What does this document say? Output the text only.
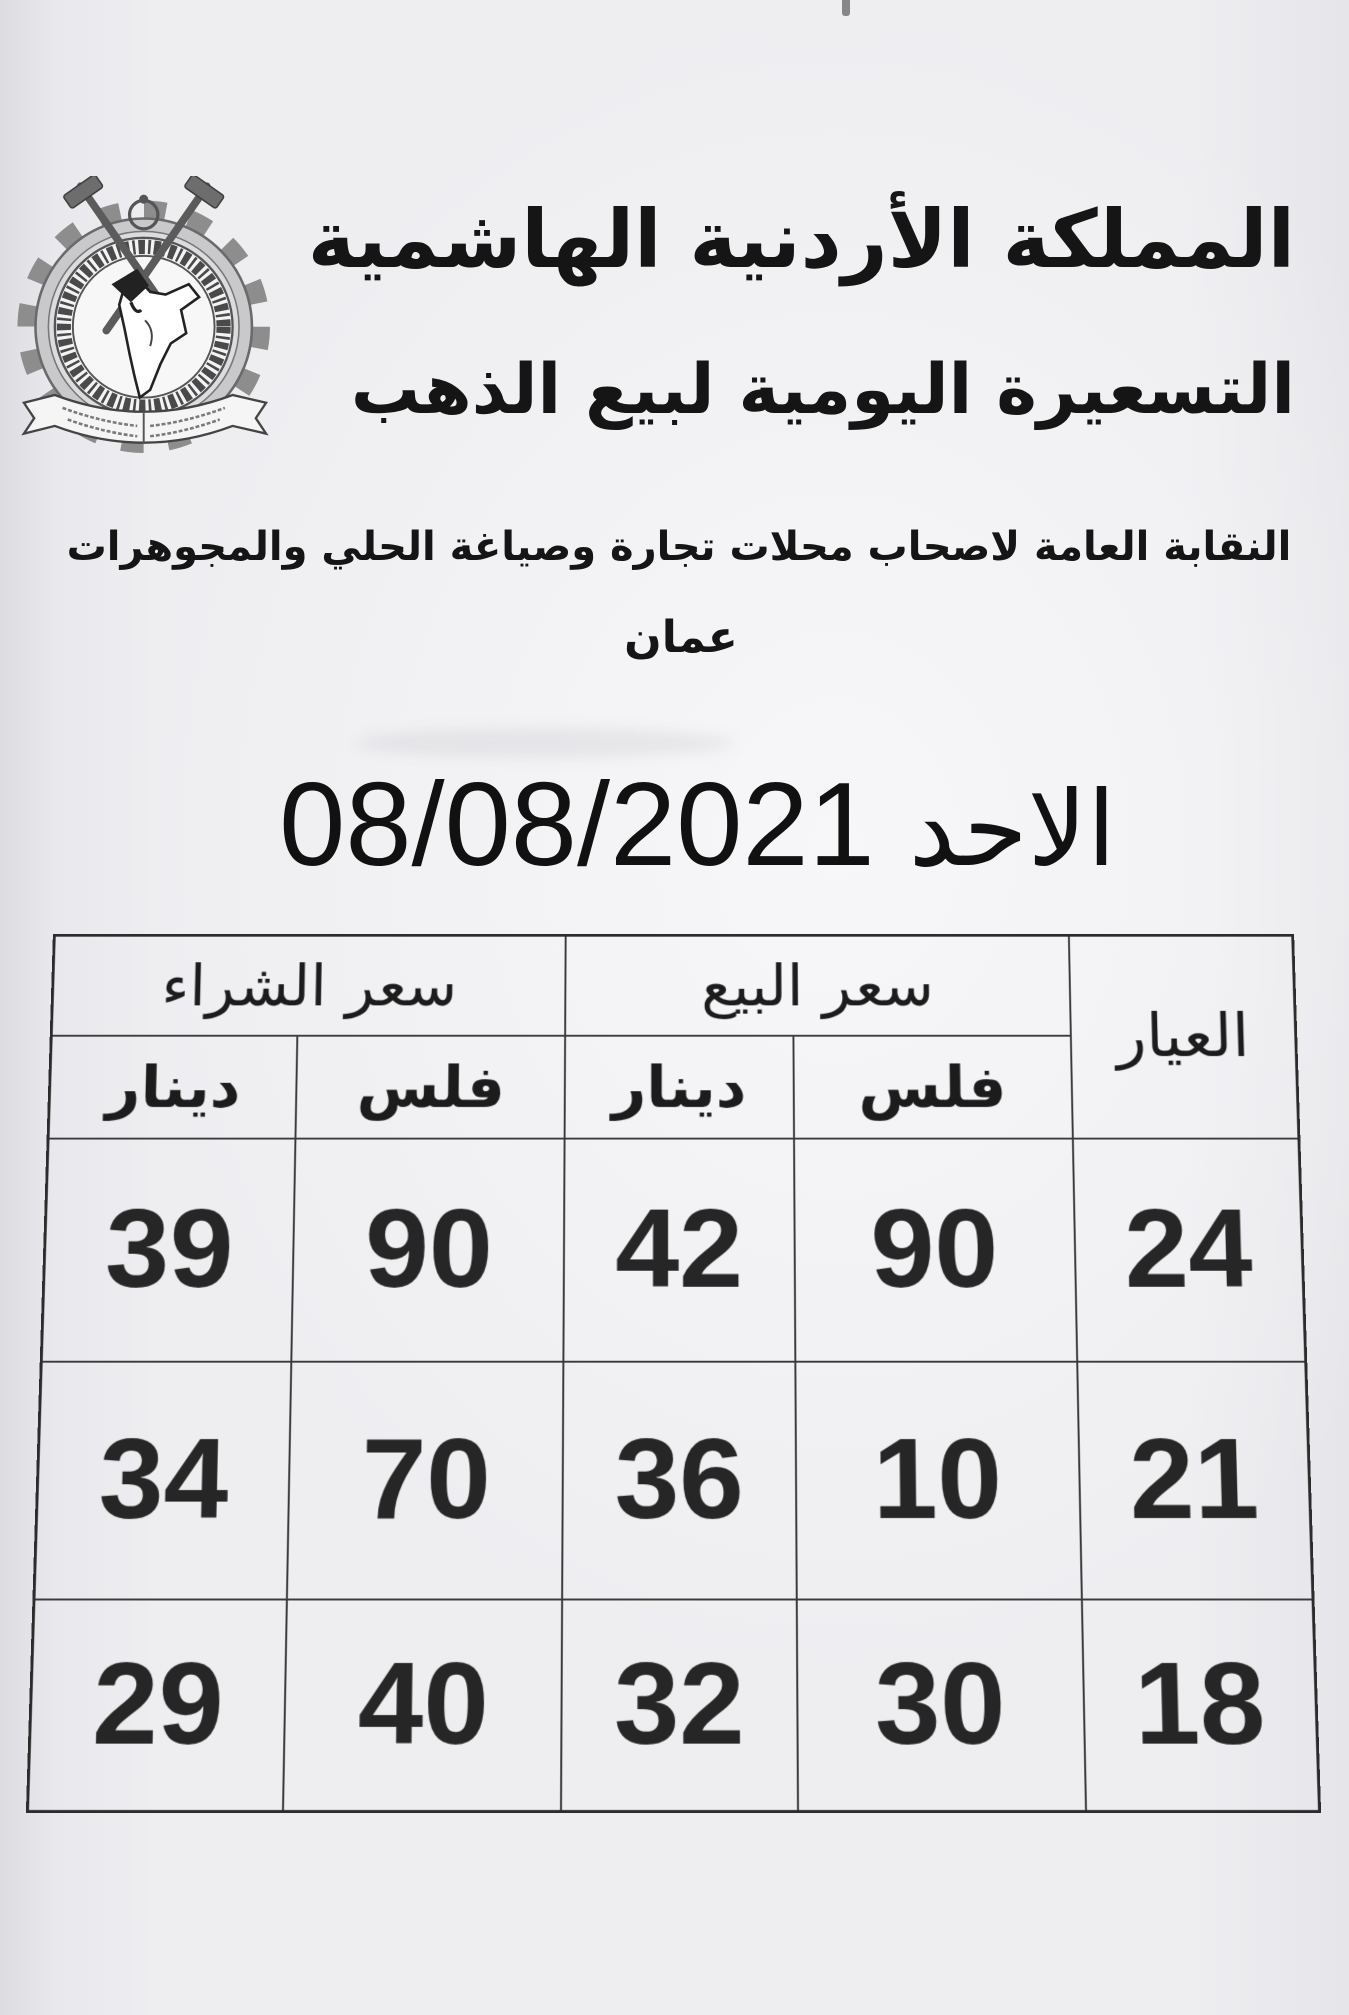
المملكة الأردنية الهاشمية
التسعيرة اليومية لبيع الذهب
النقابة العامة لاصحاب محلات تجارة وصياغة الحلي والمجوهرات
عمان
الاحد
08/08/2021
العيار	سعر البيع		سعر الشراء	
	فلس	دينار	فلس	دينار
24	90	42	90	39
21	10	36	70	34
18	30	32	40	29
